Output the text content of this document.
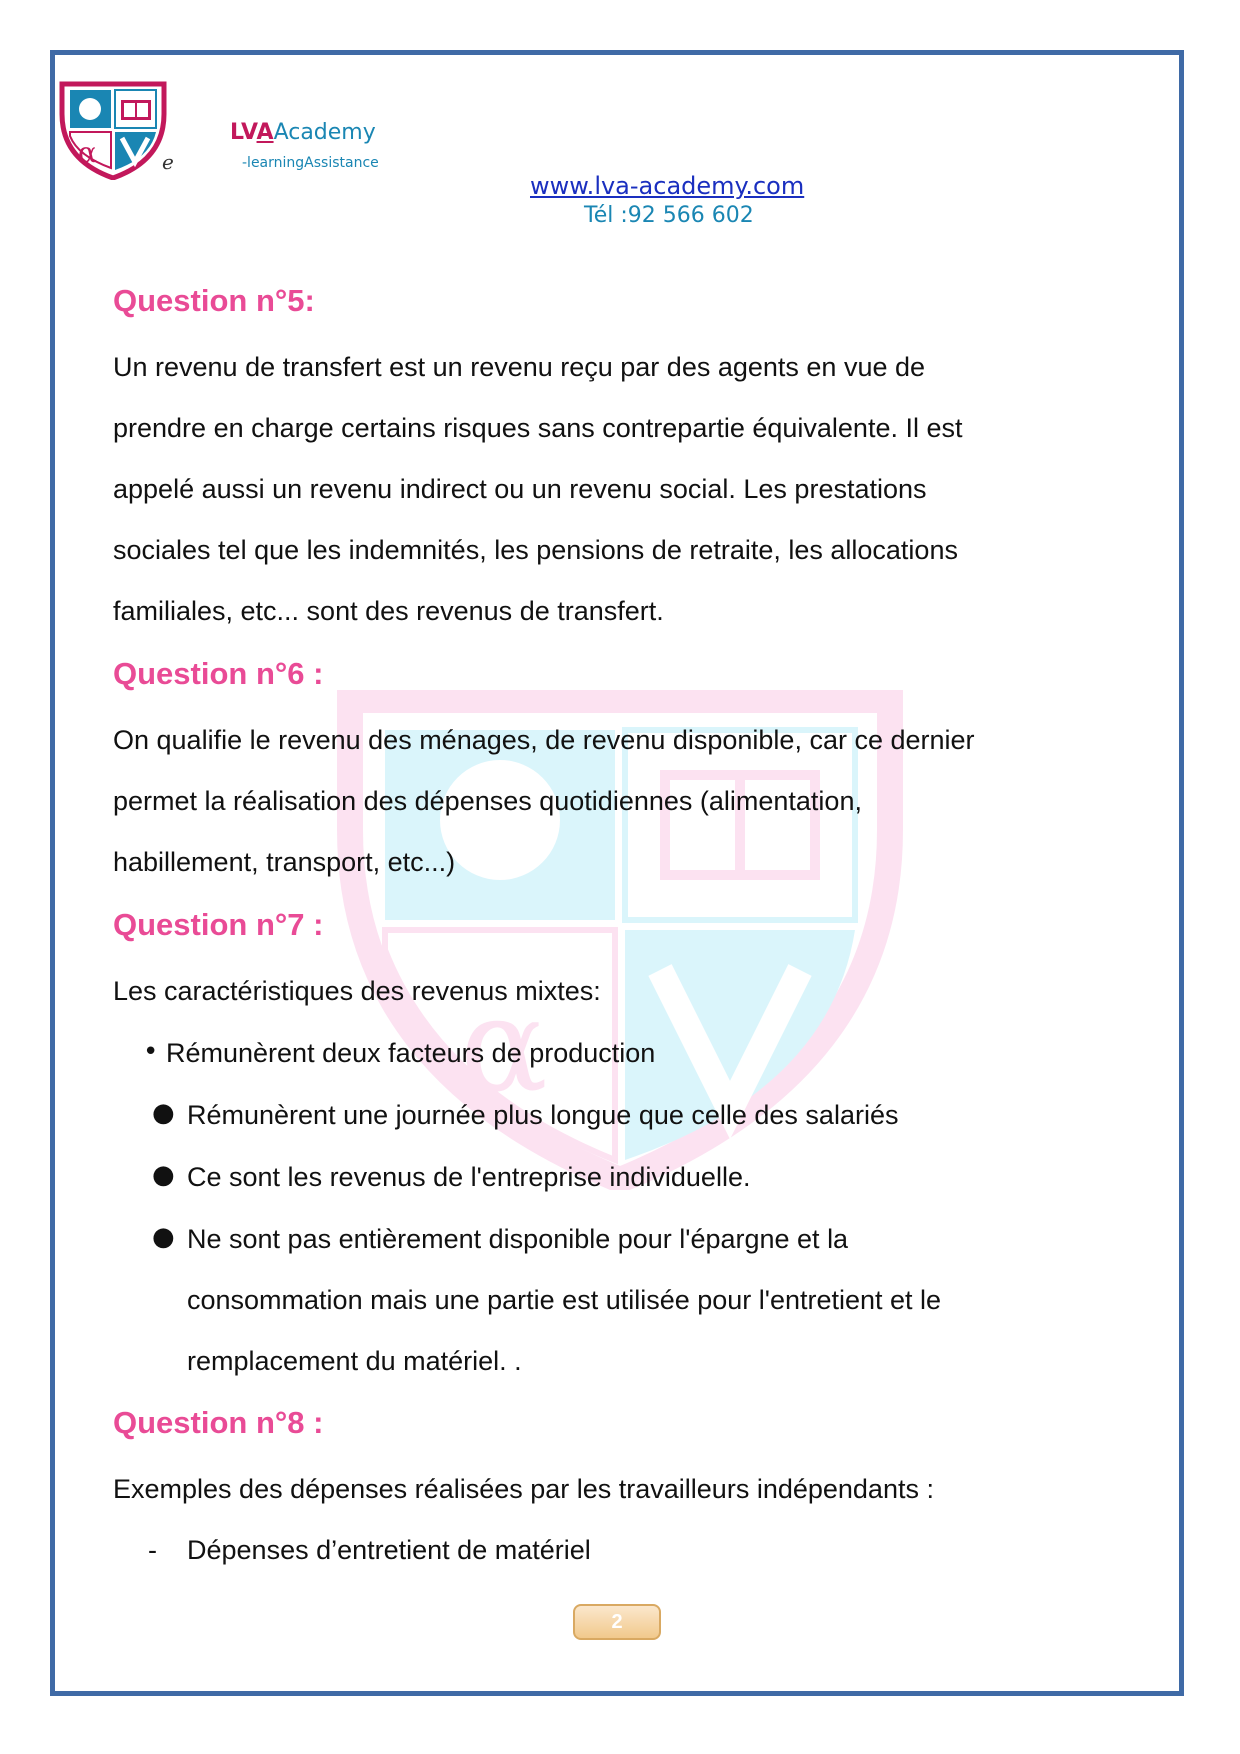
α
α	e
LVAAcademy
-learningAssistance
www.lva-academy.com
Tél :92 566 602
Question n°5:
Un revenu de transfert est un revenu reçu par des agents en vue de
prendre en charge certains risques sans contrepartie équivalente. Il est
appelé aussi un revenu indirect ou un revenu social. Les prestations
sociales tel que les indemnités, les pensions de retraite, les allocations
familiales, etc... sont des revenus de transfert.
Question n°6 :
On qualifie le revenu des ménages, de revenu disponible, car ce dernier
permet la réalisation des dépenses quotidiennes (alimentation,
habillement, transport, etc...)
Question n°7 :
Les caractéristiques des revenus mixtes:
• Rémunèrent deux facteurs de production
● Rémunèrent une journée plus longue que celle des salariés
● Ce sont les revenus de l'entreprise individuelle.
● Ne sont pas entièrement disponible pour l'épargne et la
consommation mais une partie est utilisée pour l'entretient et le
remplacement du matériel. .
Question n°8 :
Exemples des dépenses réalisées par les travailleurs indépendants :
- Dépenses d’entretient de matériel
2
